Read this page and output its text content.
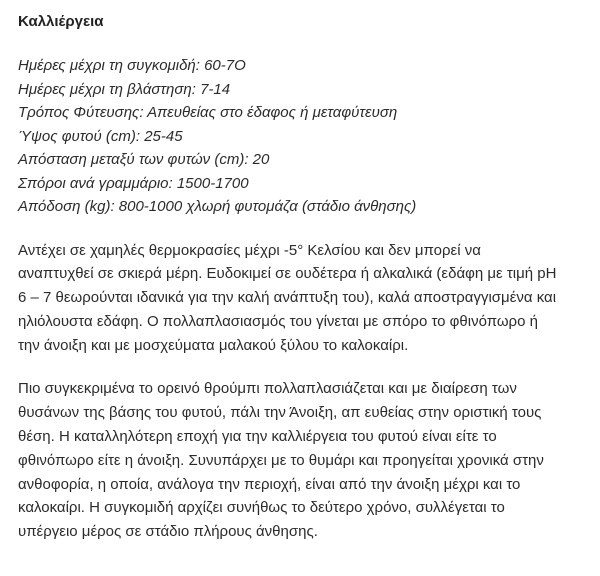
Καλλιέργεια
Ημέρες μέχρι τη συγκομιδή: 60-7Ο
Ημέρες μέχρι τη βλάστηση: 7-14
Τρόπος Φύτευσης: Απευθείας στο έδαφος ή μεταφύτευση
Ύψος φυτού (cm): 25-45
Απόσταση μεταξύ των φυτών (cm): 20
Σπόροι ανά γραμμάριο: 1500-1700
Απόδοση (kg): 800-1000 χλωρή φυτομάζα (στάδιο άνθησης)

Αντέχει σε χαμηλές θερμοκρασίες μέχρι -5° Κελσίου και δεν μπορεί να
αναπτυχθεί σε σκιερά μέρη. Ευδοκιμεί σε ουδέτερα ή αλκαλικά (εδάφη με τιμή pH
6 – 7 θεωρούνται ιδανικά για την καλή ανάπτυξη του), καλά αποστραγγισμένα και
ηλιόλουστα εδάφη. Ο πολλαπλασιασμός του γίνεται με σπόρο το φθινόπωρο ή
την άνοιξη και με μοσχεύματα μαλακού ξύλου το καλοκαίρι.

Πιο συγκεκριμένα το ορεινό θρούμπι πολλαπλασιάζεται και με διαίρεση των
θυσάνων της βάσης του φυτού, πάλι την Άνοιξη, απ ευθείας στην οριστική τους
θέση. Η καταλληλότερη εποχή για την καλλιέργεια του φυτού είναι είτε το
φθινόπωρο είτε η άνοιξη. Συνυπάρχει με το θυμάρι και προηγείται χρονικά στην
ανθοφορία, η οποία, ανάλογα την περιοχή, είναι από την άνοιξη μέχρι και το
καλοκαίρι. Η συγκομιδή αρχίζει συνήθως το δεύτερο χρόνο, συλλέγεται το
υπέργειο μέρος σε στάδιο πλήρους άνθησης.
